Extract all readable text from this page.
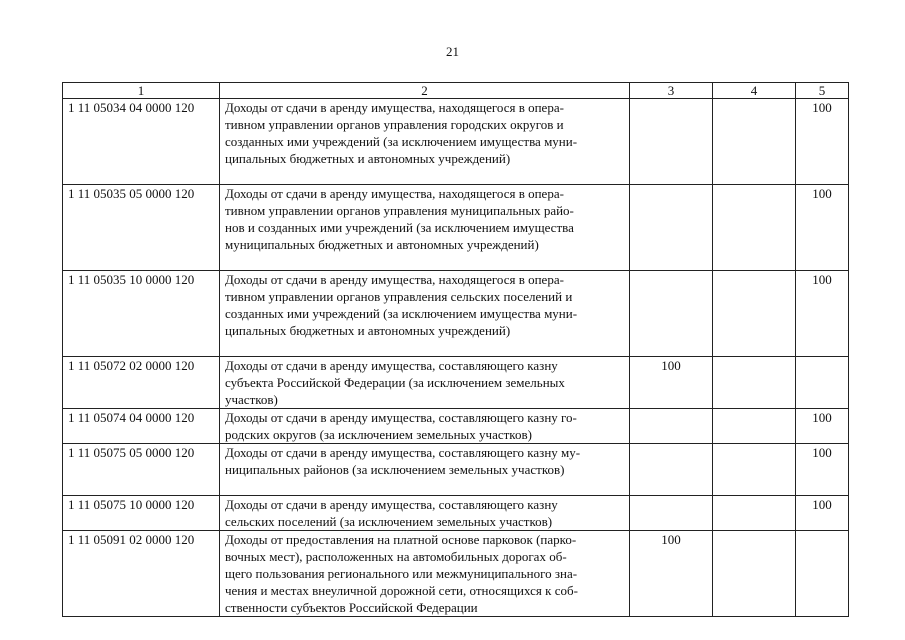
21
1	2	3	4	5
1 11 05034 04 0000 120	Доходы от сдачи в аренду имущества, находящегося в опера-
тивном управлении органов управления городских округов и
созданных ими учреждений (за исключением имущества муни-
ципальных бюджетных и автономных учреждений)			100
1 11 05035 05 0000 120	Доходы от сдачи в аренду имущества, находящегося в опера-
тивном управлении органов управления муниципальных райо-
нов и созданных ими учреждений (за исключением имущества
муниципальных бюджетных и автономных учреждений)			100
1 11 05035 10 0000 120	Доходы от сдачи в аренду имущества, находящегося в опера-
тивном управлении органов управления сельских поселений и
созданных ими учреждений (за исключением имущества муни-
ципальных бюджетных и автономных учреждений)			100
1 11 05072 02 0000 120	Доходы от сдачи в аренду имущества, составляющего казну
субъекта Российской Федерации (за исключением земельных
участков)	100		
1 11 05074 04 0000 120	Доходы от сдачи в аренду имущества, составляющего казну го-
родских округов (за исключением земельных участков)			100
1 11 05075 05 0000 120	Доходы от сдачи в аренду имущества, составляющего казну му-
ниципальных районов (за исключением земельных участков)			100
1 11 05075 10 0000 120	Доходы от сдачи в аренду имущества, составляющего казну
сельских поселений (за исключением земельных участков)			100
1 11 05091 02 0000 120	Доходы от предоставления на платной основе парковок (парко-
вочных мест), расположенных на автомобильных дорогах об-
щего пользования регионального или межмуниципального зна-
чения и местах внеуличной дорожной сети, относящихся к соб-
ственности субъектов Российской Федерации	100		
